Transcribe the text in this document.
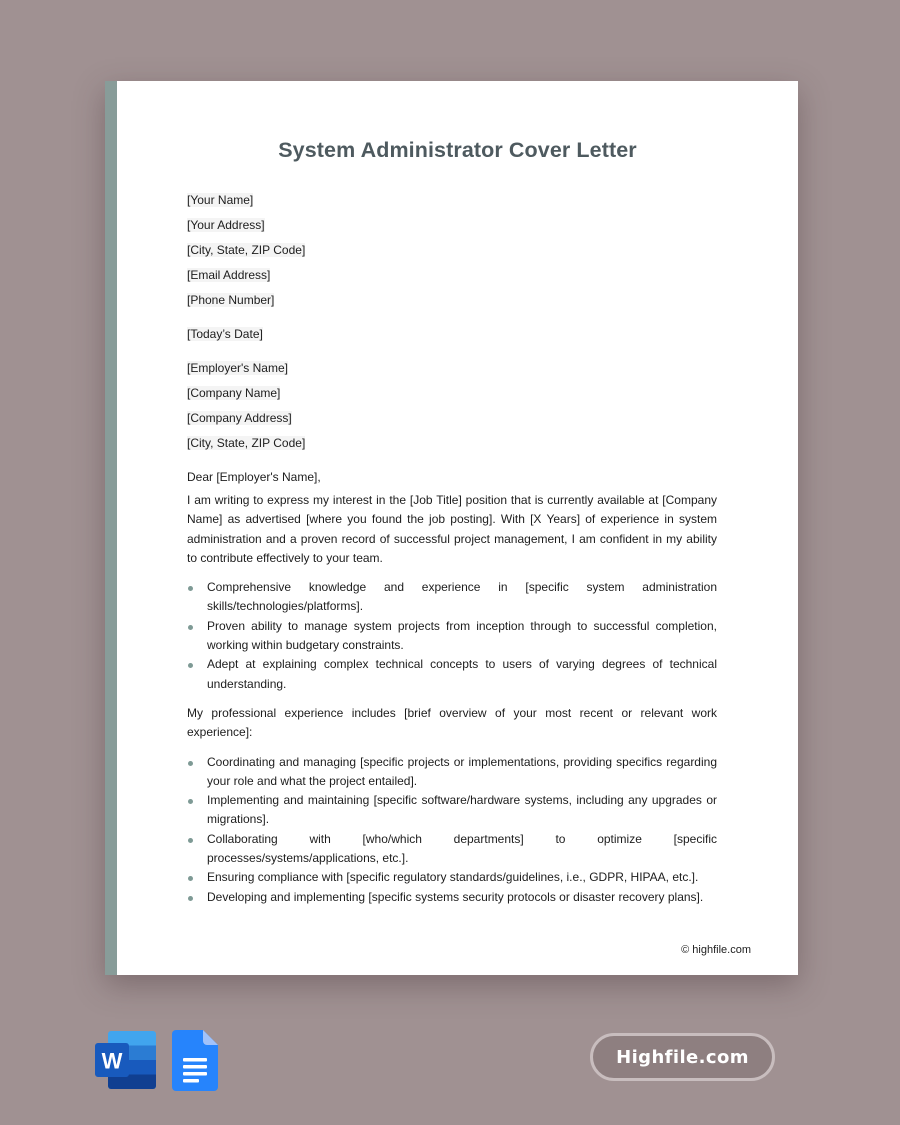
System Administrator Cover Letter
[Your Name]
[Your Address]
[City, State, ZIP Code]
[Email Address]
[Phone Number]
[Today’s Date]
[Employer's Name]
[Company Name]
[Company Address]
[City, State, ZIP Code]
Dear [Employer's Name],

I am writing to express my interest in the [Job Title] position that is currently available at [Company Name] as advertised [where you found the job posting]. With [X Years] of experience in system administration and a proven record of successful project management, I am confident in my ability to contribute effectively to your team.

Comprehensive knowledge and experience in [specific system administration skills/technologies/platforms].
Proven ability to manage system projects from inception through to successful completion, working within budgetary constraints.
Adept at explaining complex technical concepts to users of varying degrees of technical understanding.

My professional experience includes [brief overview of your most recent or relevant work experience]:

Coordinating and managing [specific projects or implementations, providing specifics regarding your role and what the project entailed].
Implementing and maintaining [specific software/hardware systems, including any upgrades or migrations].
Collaborating with [who/which departments] to optimize [specific processes/systems/applications, etc.].
Ensuring compliance with [specific regulatory standards/guidelines, i.e., GDPR, HIPAA, etc.].
Developing and implementing [specific systems security protocols or disaster recovery plans].
© highfile.com
W	Highfile.com
